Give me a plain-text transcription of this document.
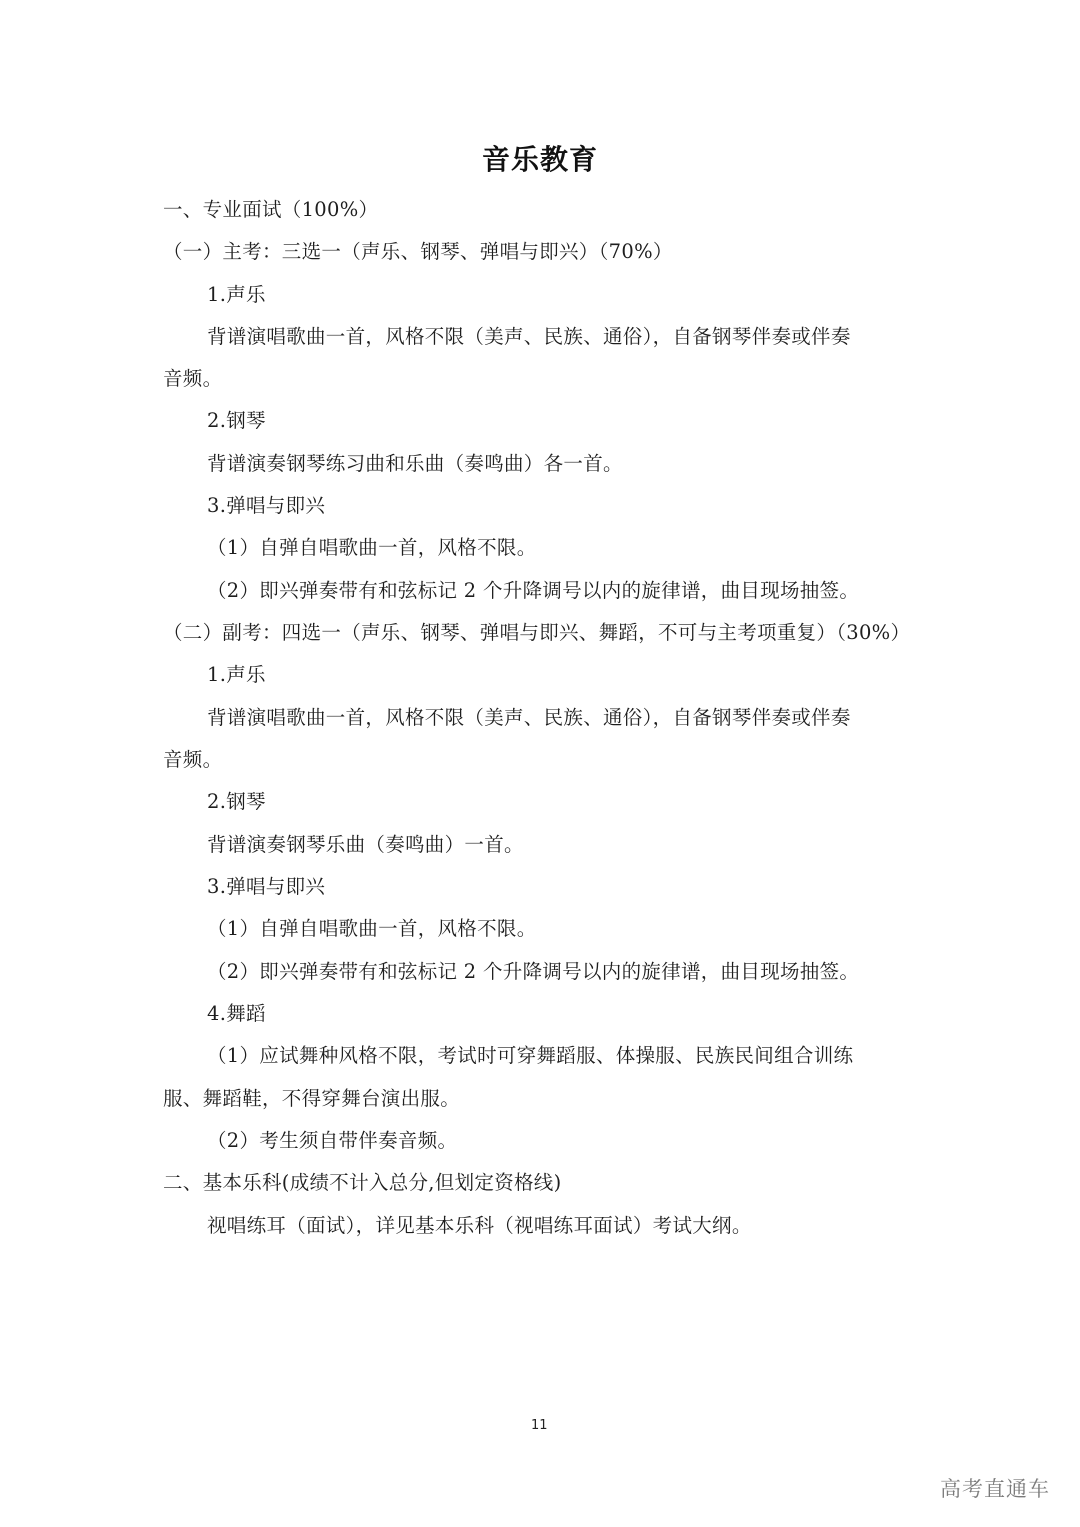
音乐教育
一、专业面试（100%）
（一）主考：三选一（声乐、钢琴、弹唱与即兴）（70%）
1.声乐
背谱演唱歌曲一首，风格不限（美声、民族、通俗），自备钢琴伴奏或伴奏
音频。
2.钢琴
背谱演奏钢琴练习曲和乐曲（奏鸣曲）各一首。
3.弹唱与即兴
（1）自弹自唱歌曲一首，风格不限。
（2）即兴弹奏带有和弦标记 2 个升降调号以内的旋律谱，曲目现场抽签。
（二）副考：四选一（声乐、钢琴、弹唱与即兴、舞蹈，不可与主考项重复）（30%）
1.声乐
背谱演唱歌曲一首，风格不限（美声、民族、通俗），自备钢琴伴奏或伴奏
音频。
2.钢琴
背谱演奏钢琴乐曲（奏鸣曲）一首。
3.弹唱与即兴
（1）自弹自唱歌曲一首，风格不限。
（2）即兴弹奏带有和弦标记 2 个升降调号以内的旋律谱，曲目现场抽签。
4.舞蹈
（1）应试舞种风格不限，考试时可穿舞蹈服、体操服、民族民间组合训练
服、舞蹈鞋，不得穿舞台演出服。
（2）考生须自带伴奏音频。
二、基本乐科(成绩不计入总分,但划定资格线)
视唱练耳（面试），详见基本乐科（视唱练耳面试）考试大纲。
11
高考直通车
